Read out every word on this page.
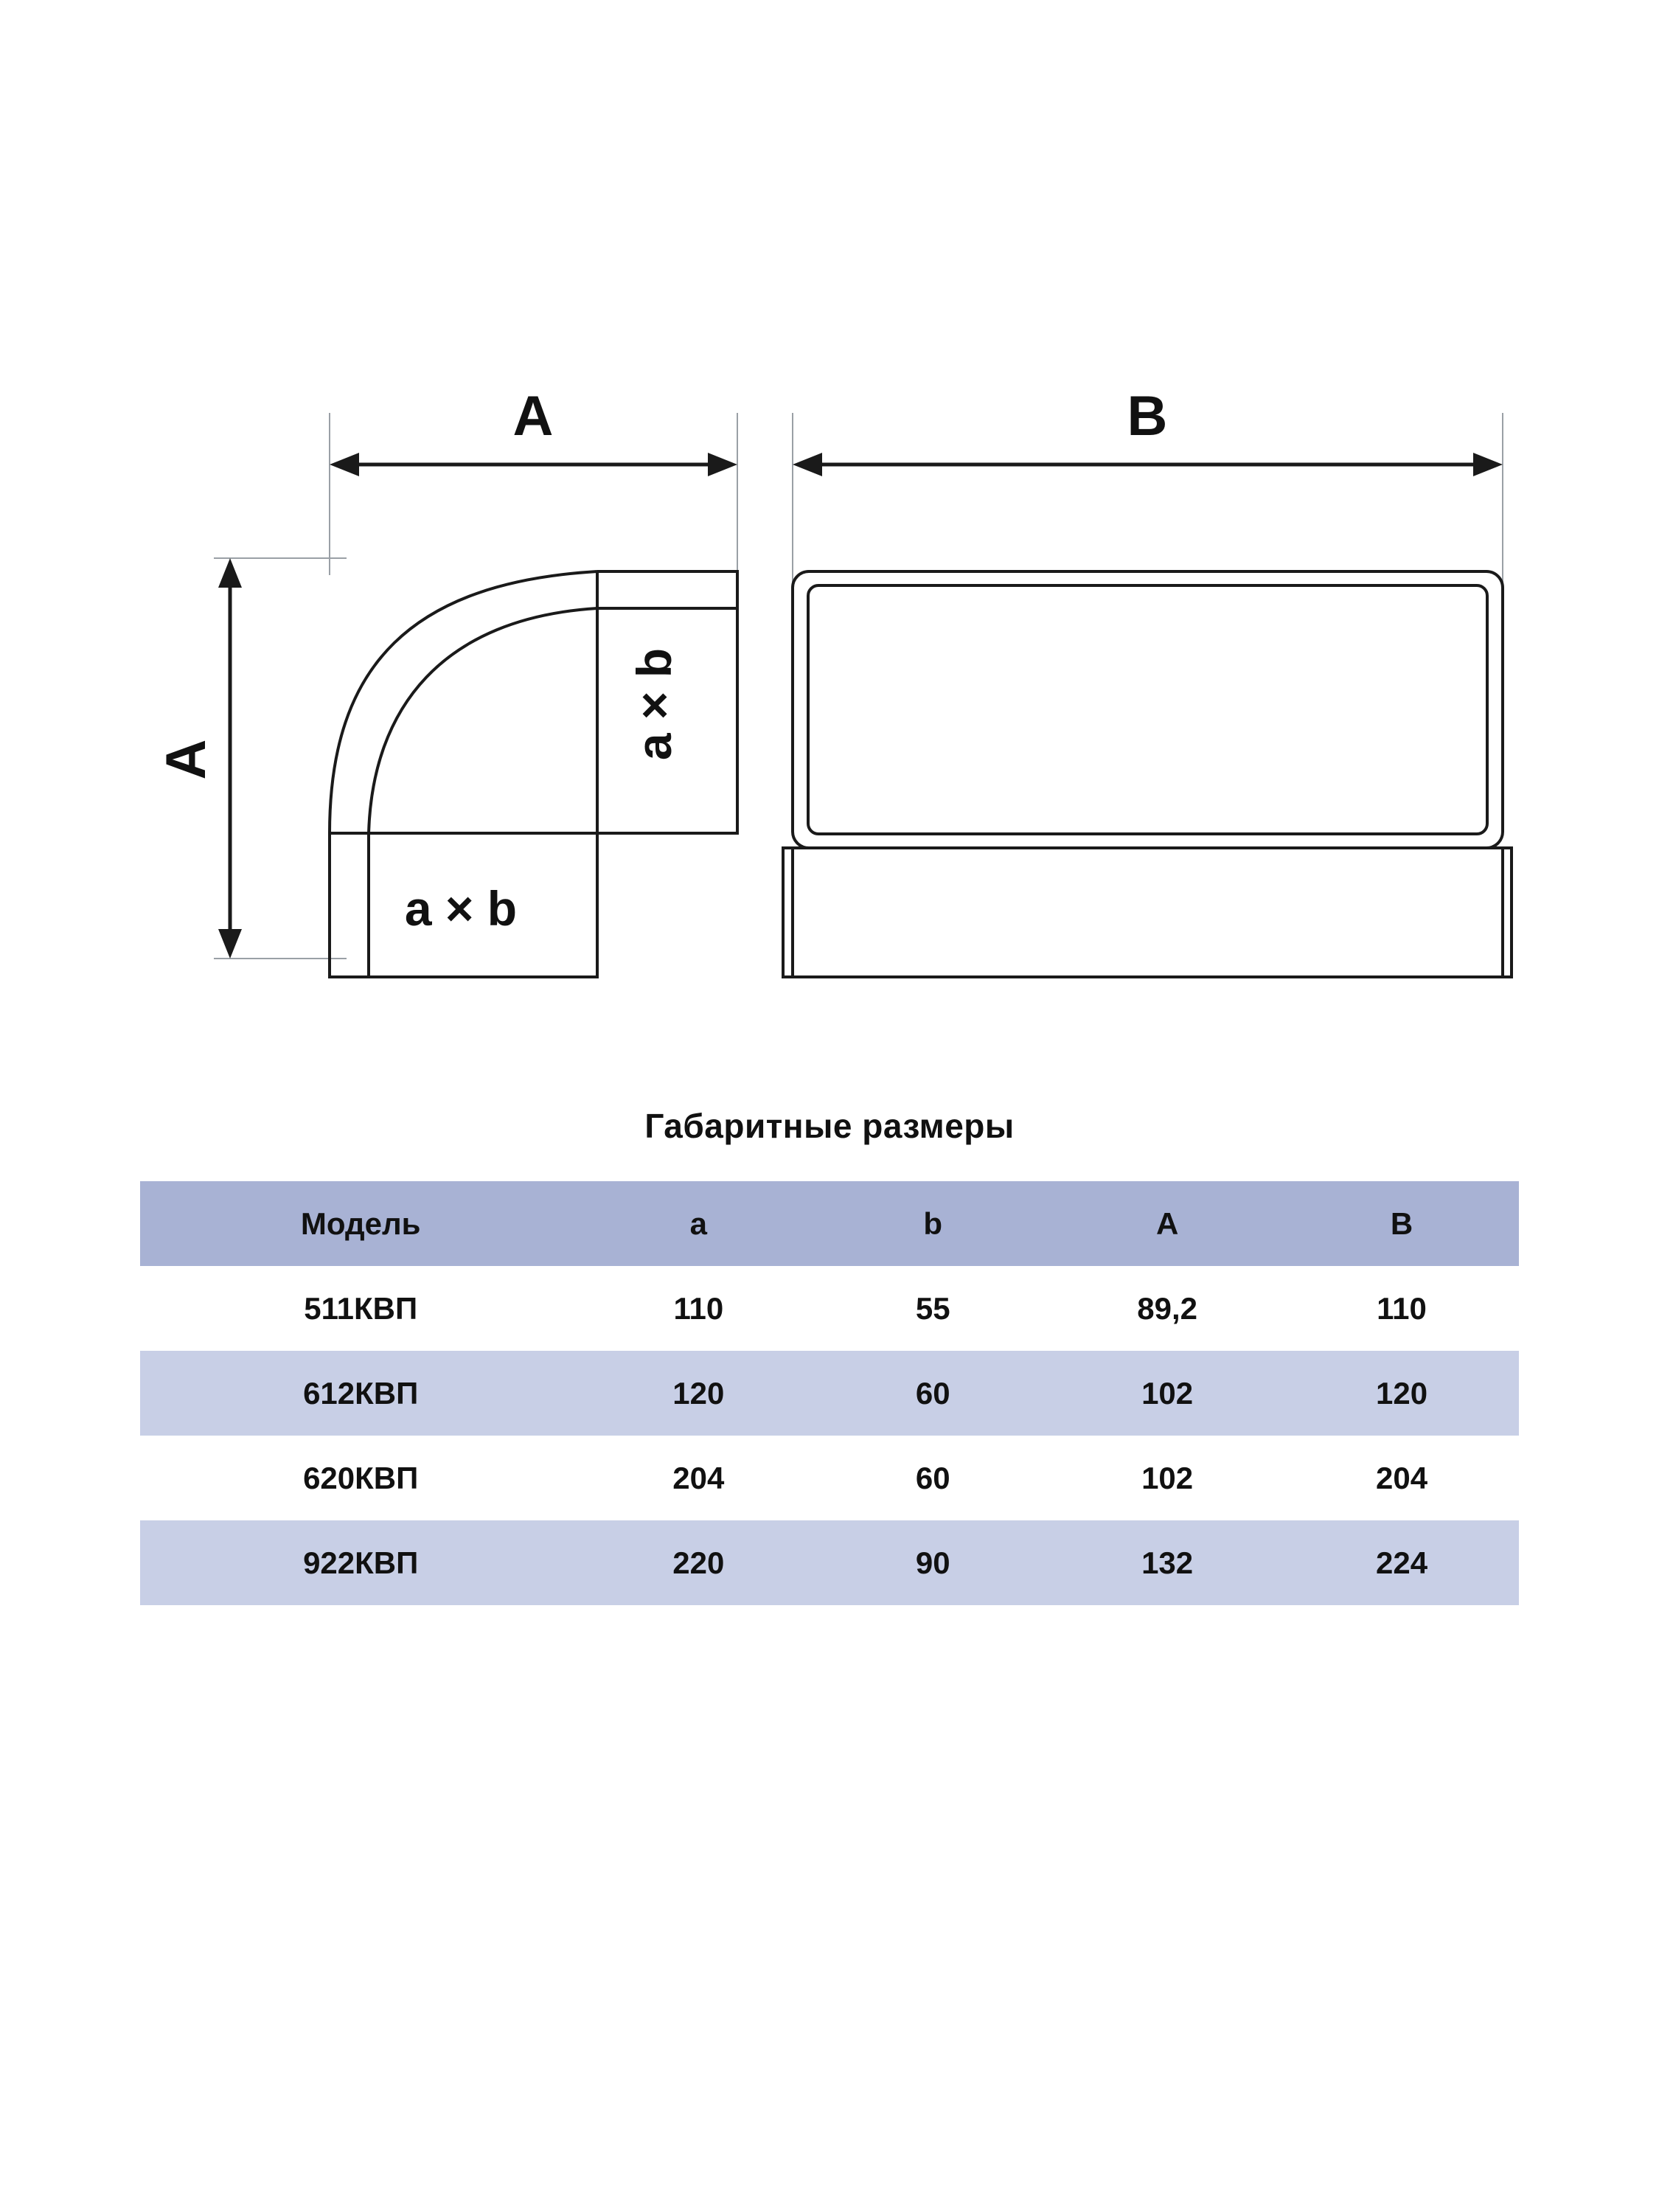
A
A
a × b
a × b
B
Габаритные размеры
Модель	a	b	A	B
511КВП	110	55	89,2	110
612КВП	120	60	102	120
620КВП	204	60	102	204
922КВП	220	90	132	224
